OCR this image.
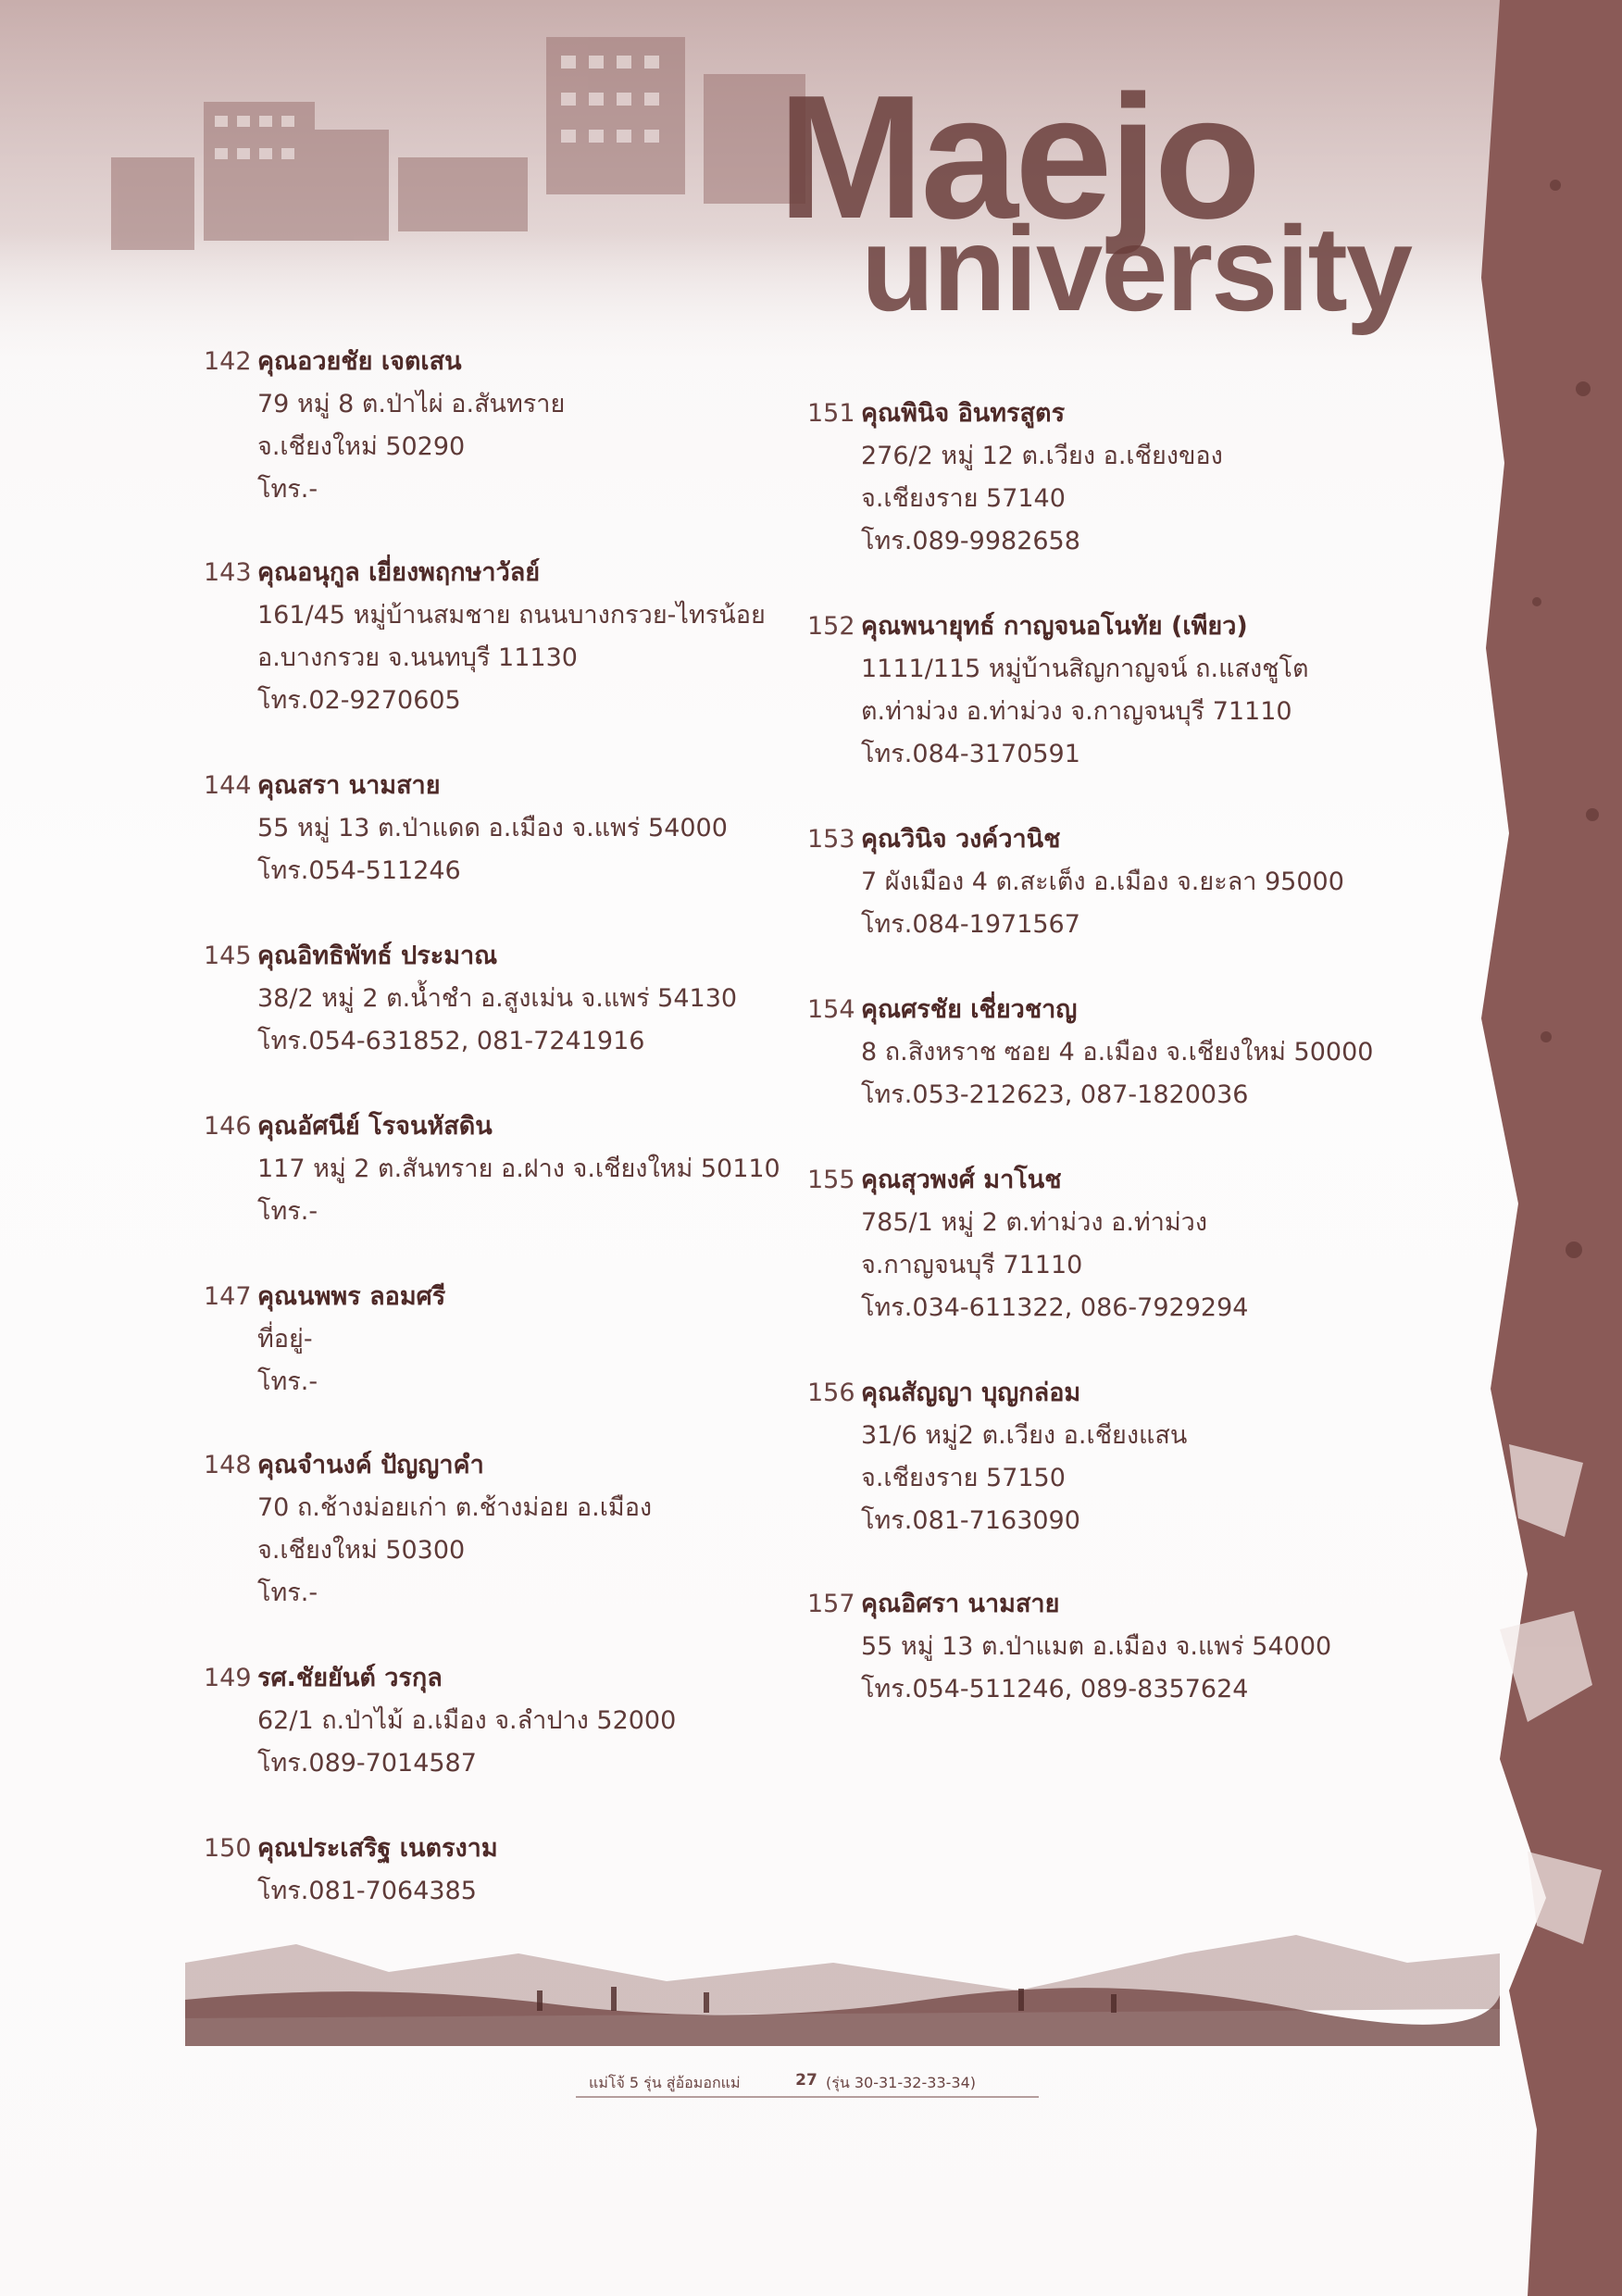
Maejo
university
142 คุณอวยชัย เจตเสน
79 หมู่ 8 ต.ป่าไผ่ อ.สันทราย
จ.เชียงใหม่ 50290
โทร.-
143 คุณอนุกูล เยี่ยงพฤกษาวัลย์
161/45 หมู่บ้านสมชาย ถนนบางกรวย-ไทรน้อย
อ.บางกรวย จ.นนทบุรี 11130
โทร.02-9270605
144 คุณสรา นามสาย
55 หมู่ 13 ต.ป่าแดด อ.เมือง จ.แพร่ 54000
โทร.054-511246
145 คุณอิทธิพัทธ์ ประมาณ
38/2 หมู่ 2 ต.น้ำชำ อ.สูงเม่น จ.แพร่ 54130
โทร.054-631852, 081-7241916
146 คุณอัศนีย์ โรจนหัสดิน
117 หมู่ 2 ต.สันทราย อ.ฝาง จ.เชียงใหม่ 50110
โทร.-
147 คุณนพพร ลอมศรี
ที่อยู่-
โทร.-
148 คุณจำนงค์ ปัญญาคำ
70 ถ.ช้างม่อยเก่า ต.ช้างม่อย อ.เมือง
จ.เชียงใหม่ 50300
โทร.-
149 รศ.ชัยยันต์ วรกุล
62/1 ถ.ป่าไม้ อ.เมือง จ.ลำปาง 52000
โทร.089-7014587
150 คุณประเสริฐ เนตรงาม
โทร.081-7064385
151 คุณพินิจ อินทรสูตร
276/2 หมู่ 12 ต.เวียง อ.เชียงของ
จ.เชียงราย 57140
โทร.089-9982658
152 คุณพนายุทธ์ กาญจนอโนทัย (เพียว)
1111/115 หมู่บ้านสิญกาญจน์ ถ.แสงชูโต
ต.ท่าม่วง อ.ท่าม่วง จ.กาญจนบุรี 71110
โทร.084-3170591
153 คุณวินิจ วงค์วานิช
7 ผังเมือง 4 ต.สะเต็ง อ.เมือง จ.ยะลา 95000
โทร.084-1971567
154 คุณศรชัย เชี่ยวชาญ
8 ถ.สิงหราช ซอย 4 อ.เมือง จ.เชียงใหม่ 50000
โทร.053-212623, 087-1820036
155 คุณสุวพงศ์ มาโนช
785/1 หมู่ 2 ต.ท่าม่วง อ.ท่าม่วง
จ.กาญจนบุรี 71110
โทร.034-611322, 086-7929294
156 คุณสัญญา บุญกล่อม
31/6 หมู่2 ต.เวียง อ.เชียงแสน
จ.เชียงราย 57150
โทร.081-7163090
157 คุณอิศรา นามสาย
55 หมู่ 13 ต.ป่าแมต อ.เมือง จ.แพร่ 54000
โทร.054-511246, 089-8357624
แม่โจ้ 5 รุ่น สู่อ้อมอกแม่	27 (รุ่น 30-31-32-33-34)
